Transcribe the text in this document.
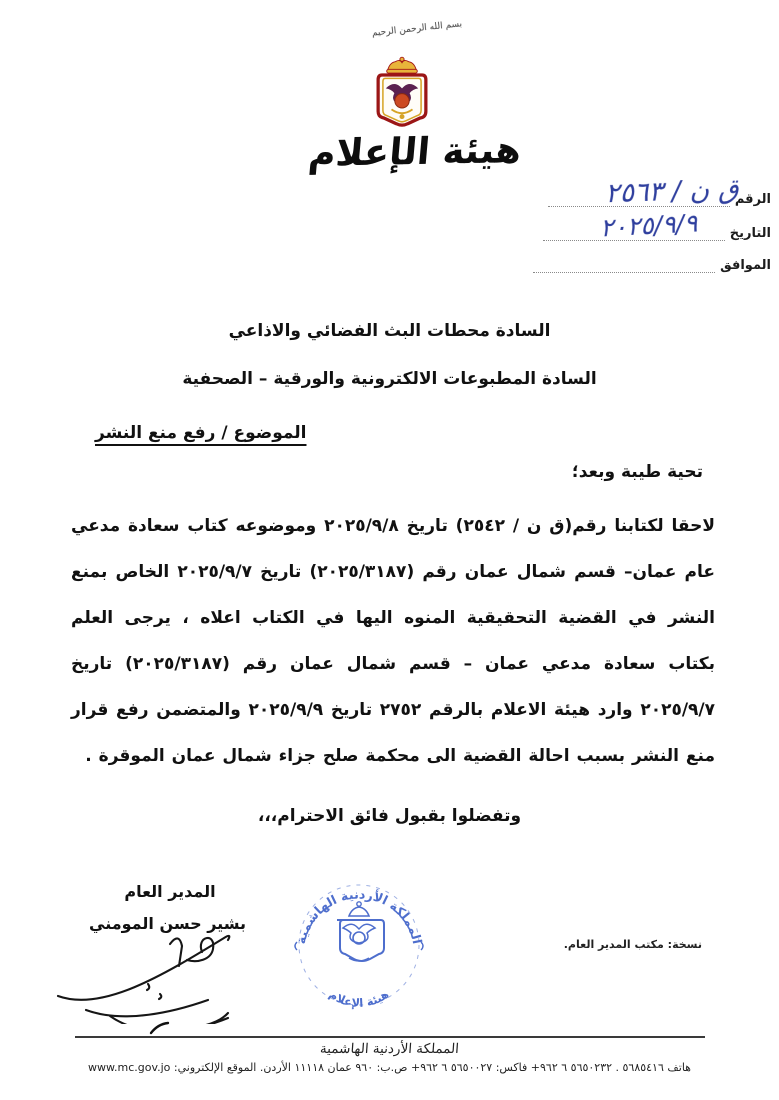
بسم الله الرحمن الرحيم
هيئة الإعلام
الرقم
التاريخ
الموافق
ق ن / ٢٥٦٣
٢٠٢٥/٩/٩
السادة محطات البث الفضائي والاذاعي
السادة المطبوعات الالكترونية والورقية – الصحفية
الموضوع / رفع منع النشر
تحية طيبة وبعد؛
لاحقا لكتابنا رقم(ق ن / ٢٥٤٢) تاريخ ٢٠٢٥/٩/٨ وموضوعه كتاب سعادة مدعي عام عمان– قسم شمال عمان رقم (٢٠٢٥/٣١٨٧) تاريخ ٢٠٢٥/٩/٧ الخاص بمنع النشر في القضية التحقيقية المنوه اليها في الكتاب اعلاه ، يرجى العلم بكتاب سعادة مدعي عمان – قسم شمال عمان رقم (٢٠٢٥/٣١٨٧) تاريخ ٢٠٢٥/٩/٧ وارد هيئة الاعلام بالرقم ٢٧٥٢ تاريخ ٢٠٢٥/٩/٩ والمتضمن رفع قرار منع النشر بسبب احالة القضية الى محكمة صلح جزاء شمال عمان الموقرة .
وتفضلوا بقبول فائق الاحترام،،،
المدير العام
بشير حسن المومني
المملكة الأردنية الهاشمية
هيئة الإعلام
نسخة: مكتب المدير العام.
المملكة الأردنية الهاشمية
هاتف ٥٦٨٥٤١٦ . ٥٦٥٠٢٣٢ ٦ ٩٦٢+ فاكس: ٥٦٥٠٠٢٧ ٦ ٩٦٢+ ص.ب: ٩٦٠ عمان ١١١١٨ الأردن. الموقع الإلكتروني: www.mc.gov.jo
